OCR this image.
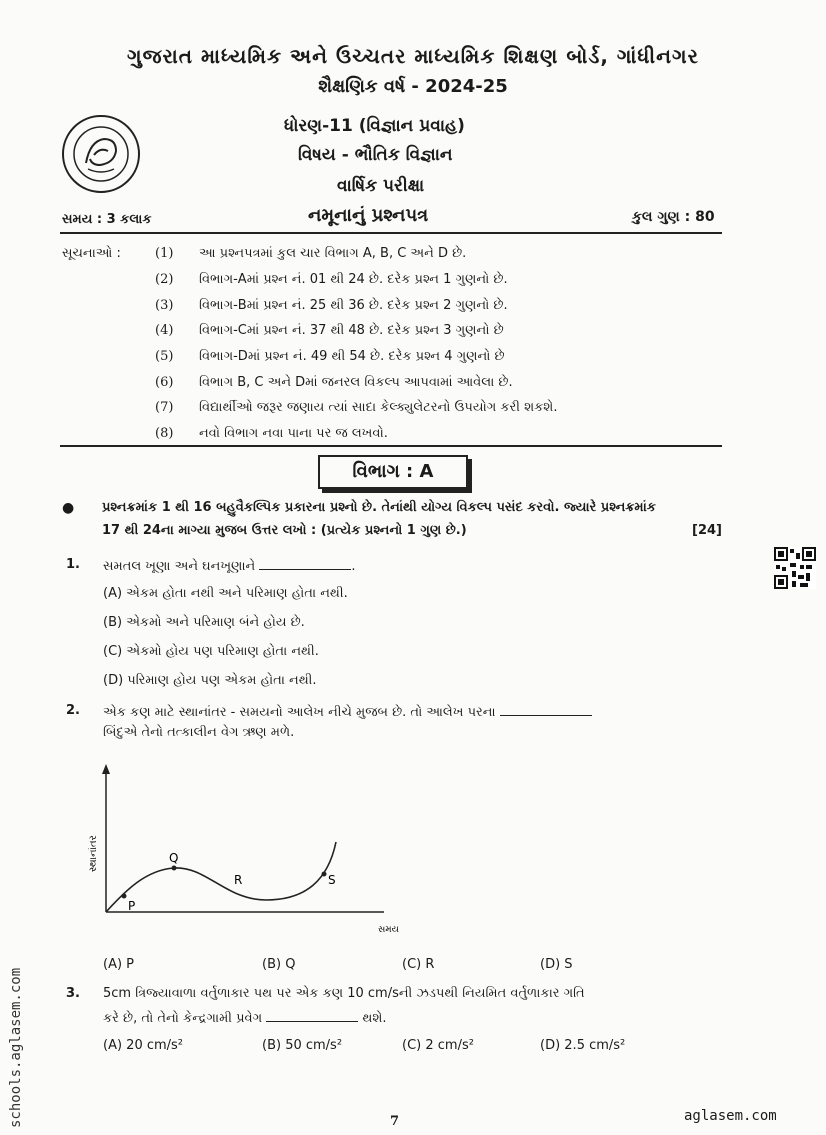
ગુજરાત માધ્યમિક અને ઉચ્ચતર માધ્યમિક શિક્ષણ બોર્ડ, ગાંધીનગર
શૈક્ષણિક વર્ષ - 2024-25
ધોરણ-11 (વિજ્ઞાન પ્રવાહ)
વિષય - ભૌતિક વિજ્ઞાન
વાર્ષિક પરીક્ષા
સમય : 3 કલાક	નમૂનાનું પ્રશ્નપત્ર	કુલ ગુણ : 80
સૂચનાઓ :	(1) આ પ્રશ્નપત્રમાં કુલ ચાર વિભાગ A, B, C અને D છે.
(2) વિભાગ-Aમાં પ્રશ્ન નં. 01 થી 24 છે. દરેક પ્રશ્ન 1 ગુણનો છે.
(3) વિભાગ-Bમાં પ્રશ્ન નં. 25 થી 36 છે. દરેક પ્રશ્ન 2 ગુણનો છે.
(4) વિભાગ-Cમાં પ્રશ્ન નં. 37 થી 48 છે. દરેક પ્રશ્ન 3 ગુણનો છે
(5) વિભાગ-Dમાં પ્રશ્ન નં. 49 થી 54 છે. દરેક પ્રશ્ન 4 ગુણનો છે
(6) વિભાગ B, C અને Dમાં જનરલ વિકલ્પ આપવામાં આવેલા છે.
(7) વિદ્યાર્થીઓ જરૂર જણાય ત્યાં સાદા કેલ્ક્યુલેટરનો ઉપયોગ કરી શકશે.
(8) નવો વિભાગ નવા પાના પર જ લખવો.
વિભાગ : A
● પ્રશ્નક્રમાંક 1 થી 16 બહુવૈકલ્પિક પ્રકારના પ્રશ્નો છે. તેનાંથી યોગ્ય વિકલ્પ પસંદ કરવો. જ્યારે પ્રશ્નક્રમાંક
17 થી 24ના માગ્યા મુજબ ઉત્તર લખો : (પ્રત્યેક પ્રશ્નનો 1 ગુણ છે.)	[24]
1. સમતલ ખૂણા અને ઘનખૂણાને	.
(A) એકમ હોતા નથી અને પરિમાણ હોતા નથી.
(B) એકમો અને પરિમાણ બંને હોય છે.
(C) એકમો હોય પણ પરિમાણ હોતા નથી.
(D) પરિમાણ હોય પણ એકમ હોતા નથી.
2. એક કણ માટે સ્થાનાંતર - સમયનો આલેખ નીચે મુજબ છે. તો આલેખ પરના
બિંદુએ તેનો તત્કાલીન વેગ ઋણ મળે.
P
Q
R	S
સ્થાનાંતર
સમય
(A) P	(B) Q	(C) R	(D) S
3. 5cm ત્રિજ્યાવાળા વર્તુળાકાર પથ પર એક કણ 10 cm/sની ઝડપથી નિયમિત વર્તુળાકાર ગતિ
કરે છે, તો તેનો કેન્દ્રગામી પ્રવેગ	થશે.
(A) 20 cm/s²	(B) 50 cm/s²	(C) 2 cm/s²	(D) 2.5 cm/s²
7	aglasem.com
schools.aglasem.com
